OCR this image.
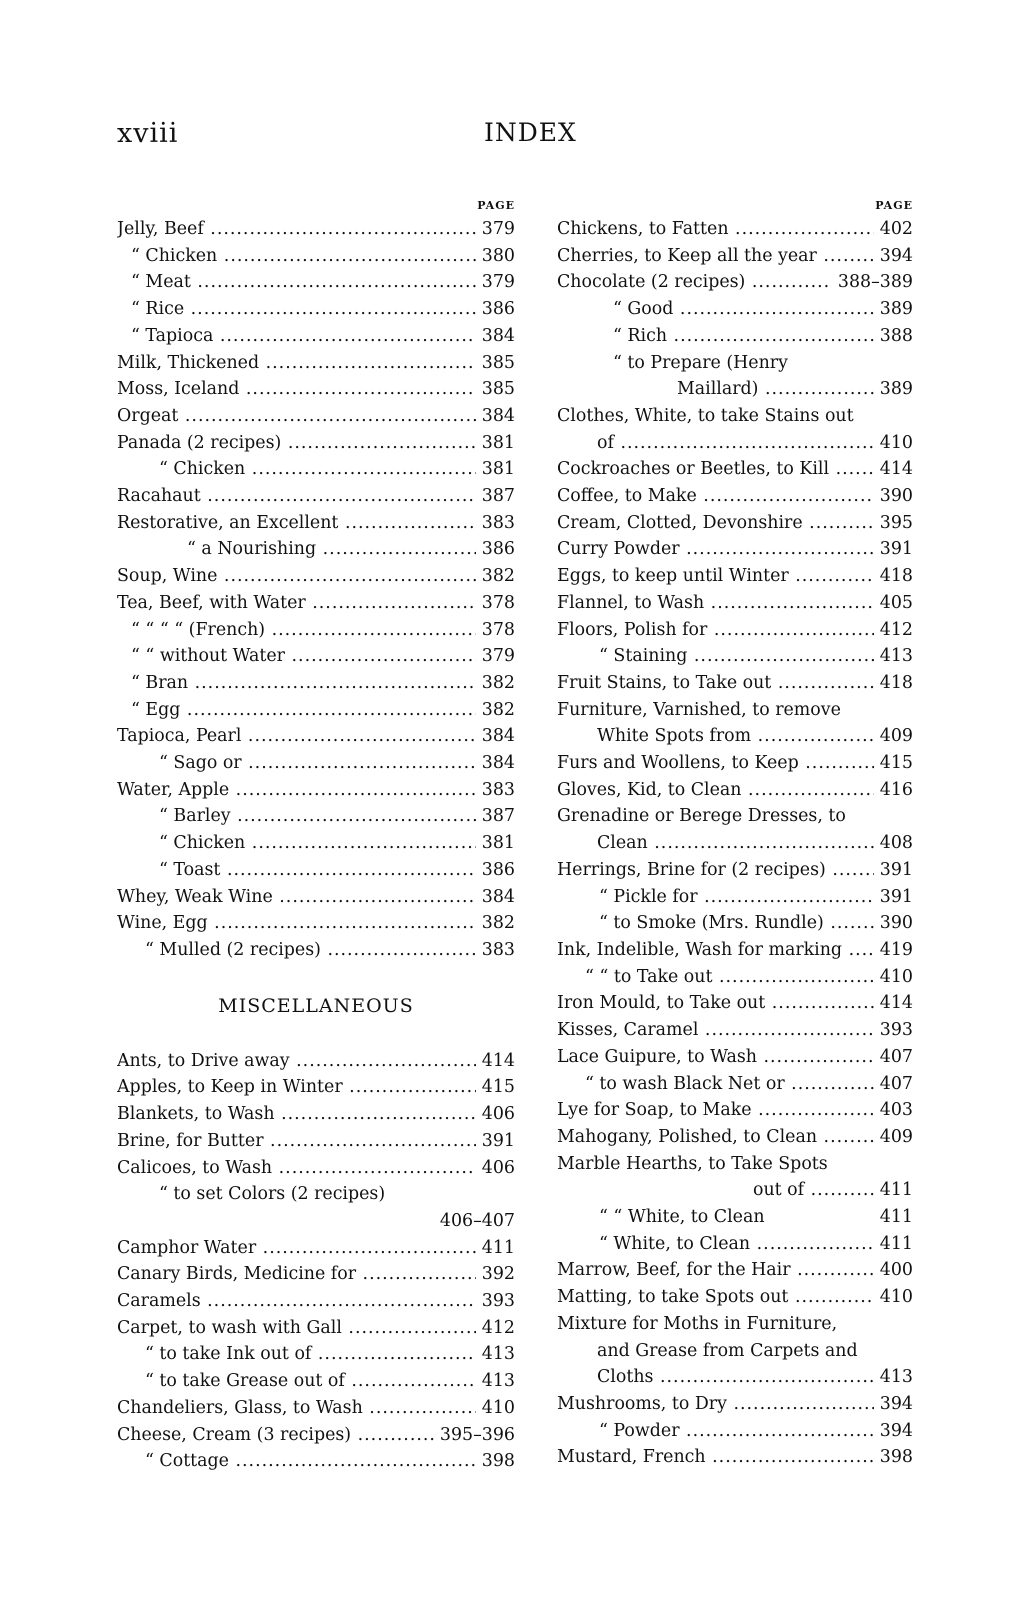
xviii	INDEX
PAGE
Jelly, Beef .....	379
“ Chicken .....	380
“ Meat .....	379
“ Rice .....	386
“ Tapioca .....	384
Milk, Thickened .....	385
Moss, Iceland .....	385
Orgeat .....	384
Panada (2 recipes) .....	381
“ Chicken .....	381
Racahaut .....	387
Restorative, an Excellent .....	383
“ a Nourishing .....	386
Soup, Wine .....	382
Tea, Beef, with Water .....	378
“ “ “ “ (French) .....	378
“ “ without Water .....	379
“ Bran .....	382
“ Egg .....	382
Tapioca, Pearl .....	384
“ Sago or .....	384
Water, Apple .....	383
“ Barley .....	387
“ Chicken .....	381
“ Toast .....	386
Whey, Weak Wine .....	384
Wine, Egg .....	382
“ Mulled (2 recipes) .....	383
MISCELLANEOUS
Ants, to Drive away .....	414
Apples, to Keep in Winter .....	415
Blankets, to Wash .....	406
Brine, for Butter .....	391
Calicoes, to Wash .....	406
“ to set Colors (2 recipes)
406–407
Camphor Water .....	411
Canary Birds, Medicine for .....	392
Caramels .....	393
Carpet, to wash with Gall .....	412
“ to take Ink out of .....	413
“ to take Grease out of .....	413
Chandeliers, Glass, to Wash .....	410
Cheese, Cream (3 recipes) .....	395–396
“ Cottage .....	398
PAGE
Chickens, to Fatten .....	402
Cherries, to Keep all the year .....	394
Chocolate (2 recipes) .....	388–389
“ Good .....	389
“ Rich .....	388
“ to Prepare (Henry
Maillard) .....	389
Clothes, White, to take Stains out
of .....	410
Cockroaches or Beetles, to Kill .....	414
Coffee, to Make .....	390
Cream, Clotted, Devonshire .....	395
Curry Powder .....	391
Eggs, to keep until Winter .....	418
Flannel, to Wash .....	405
Floors, Polish for .....	412
“ Staining .....	413
Fruit Stains, to Take out .....	418
Furniture, Varnished, to remove
White Spots from .....	409
Furs and Woollens, to Keep .....	415
Gloves, Kid, to Clean .....	416
Grenadine or Berege Dresses, to
Clean .....	408
Herrings, Brine for (2 recipes) .....	391
“ Pickle for .....	391
“ to Smoke (Mrs. Rundle) .....	390
Ink, Indelible, Wash for marking .....	419
“ “ to Take out .....	410
Iron Mould, to Take out .....	414
Kisses, Caramel .....	393
Lace Guipure, to Wash .....	407
“ to wash Black Net or .....	407
Lye for Soap, to Make .....	403
Mahogany, Polished, to Clean .....	409
Marble Hearths, to Take Spots
out of .....	411
“ “ White, to Clean	411
“ White, to Clean .....	411
Marrow, Beef, for the Hair .....	400
Matting, to take Spots out .....	410
Mixture for Moths in Furniture,
and Grease from Carpets and
Cloths .....	413
Mushrooms, to Dry .....	394
“ Powder .....	394
Mustard, French .....	398
